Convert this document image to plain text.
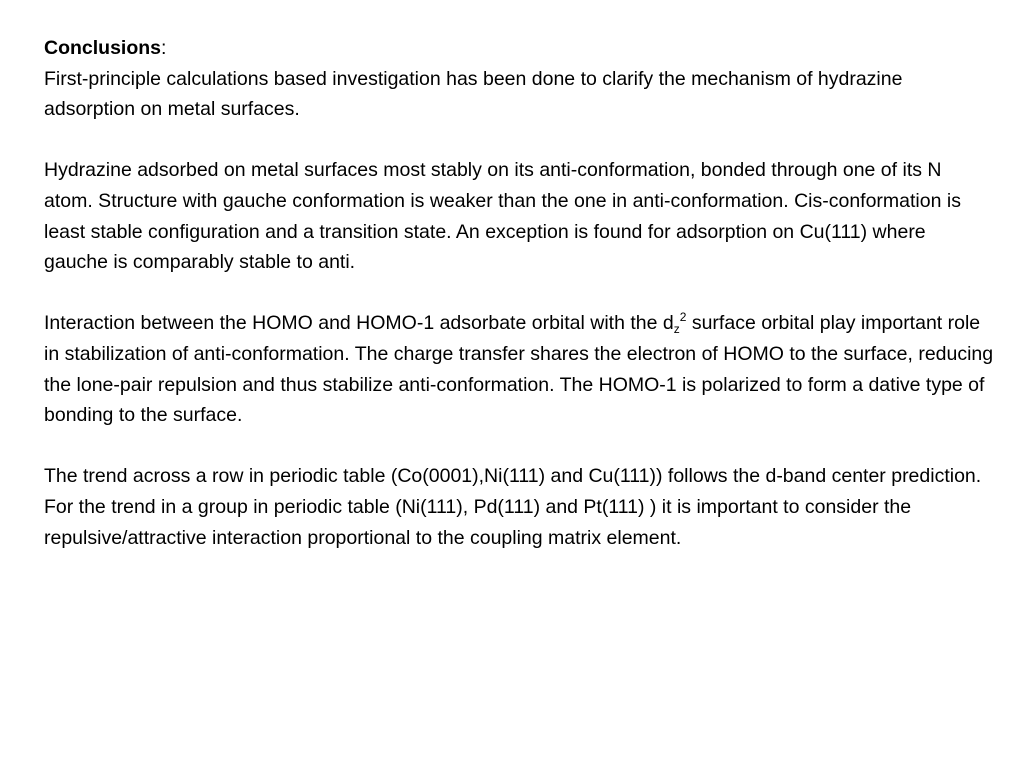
Conclusions:

First-principle calculations based investigation has been done to clarify the mechanism of hydrazine adsorption on metal surfaces.

Hydrazine adsorbed on metal surfaces most stably on its anti-conformation, bonded through one of its N atom. Structure with gauche conformation is weaker than the one in anti-conformation. Cis-conformation is least stable configuration and a transition state. An exception is found for adsorption on Cu(111) where gauche is comparably stable to anti.

Interaction between the HOMO and HOMO-1 adsorbate orbital with the $d_z^2$ surface orbital play important role in stabilization of anti-conformation. The charge transfer shares the electron of HOMO to the surface, reducing the lone-pair repulsion and thus stabilize anti-conformation. The HOMO-1 is polarized to form a dative type of bonding to the surface.

The trend across a row in periodic table (Co(0001),Ni(111) and Cu(111)) follows the d-band center prediction. For the trend in a group in periodic table (Ni(111), Pd(111) and Pt(111) ) it is important to consider the repulsive/attractive interaction proportional to the coupling matrix element.
